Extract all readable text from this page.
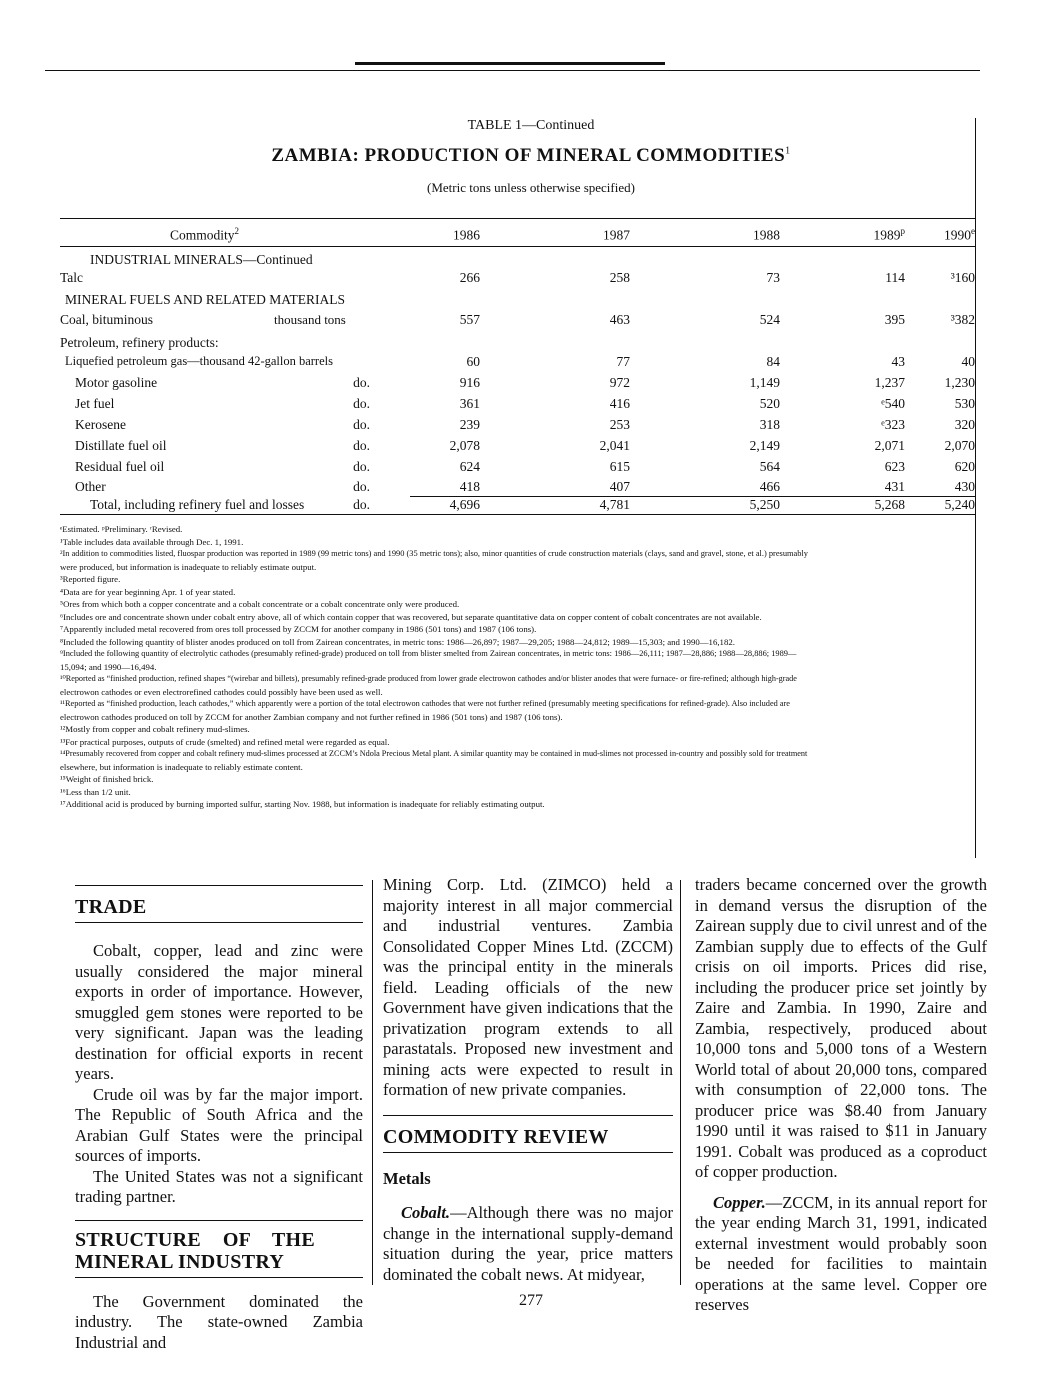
TABLE 1—Continued
ZAMBIA: PRODUCTION OF MINERAL COMMODITIES$^1$
(Metric tons unless otherwise specified)
Commodity$^2$	1986	1987	1988	1989$^p$	1990e
INDUSTRIAL MINERALS—Continued
Talc	266	258	73	114	³160
MINERAL FUELS AND RELATED MATERIALS
Coal, bituminous	thousand tons	557	463	524	395	³382
Petroleum, refinery products:
Liquefied petroleum gas—thousand 42-gallon barrels	60	77	84	43	40
Motor gasoline	do.	916	972	1,149	1,237	1,230
Jet fuel	do.	361	416	520	ᵉ540	530
Kerosene	do.	239	253	318	ᵉ323	320
Distillate fuel oil	do.	2,078	2,041	2,149	2,071	2,070
Residual fuel oil	do.	624	615	564	623	620
Other	do.	418	407	466	431	430
Total, including refinery fuel and losses	do.	4,696	4,781	5,250	5,268	5,240

ᵉEstimated. ᵖPreliminary. ʳRevised.

¹Table includes data available through Dec. 1, 1991.

²In addition to commodities listed, fluospar production was reported in 1989 (99 metric tons) and 1990 (35 metric tons); also, minor quantities of crude construction materials (clays, sand and gravel, stone, et al.) presumably

were produced, but information is inadequate to reliably estimate output.

³Reported figure.

⁴Data are for year beginning Apr. 1 of year stated.

⁵Ores from which both a copper concentrate and a cobalt concentrate or a cobalt concentrate only were produced.

⁶Includes ore and concentrate shown under cobalt entry above, all of which contain copper that was recovered, but separate quantitative data on copper content of cobalt concentrates are not available.

⁷Apparently included metal recovered from ores toll processed by ZCCM for another company in 1986 (501 tons) and 1987 (106 tons).

⁸Included the following quantity of blister anodes produced on toll from Zairean concentrates, in metric tons: 1986—26,897; 1987—29,205; 1988—24,812; 1989—15,303; and 1990—16,182.

⁹Included the following quantity of electrolytic cathodes (presumably refined-grade) produced on toll from blister smelted from Zairean concentrates, in metric tons: 1986—26,111; 1987—28,886; 1988—28,886; 1989—

15,094; and 1990—16,494.

¹⁰Reported as “finished production, refined shapes “(wirebar and billets), presumably refined-grade produced from lower grade electrowon cathodes and/or blister anodes that were furnace- or fire-refined; although high-grade

electrowon cathodes or even electrorefined cathodes could possibly have been used as well.

¹¹Reported as “finished production, leach cathodes,” which apparently were a portion of the total electrowon cathodes that were not further refined (presumably meeting specifications for refined-grade). Also included are

electrowon cathodes produced on toll by ZCCM for another Zambian company and not further refined in 1986 (501 tons) and 1987 (106 tons).

¹²Mostly from copper and cobalt refinery mud-slimes.

¹³For practical purposes, outputs of crude (smelted) and refined metal were regarded as equal.

¹⁴Presumably recovered from copper and cobalt refinery mud-slimes processed at ZCCM’s Ndola Precious Metal plant. A similar quantity may be contained in mud-slimes not processed in-country and possibly sold for treatment

elsewhere, but information is inadequate to reliably estimate content.

¹⁵Weight of finished brick.

¹⁶Less than 1/2 unit.

¹⁷Additional acid is produced by burning imported sulfur, starting Nov. 1988, but information is inadequate for reliably estimating output.

TRADE

Cobalt, copper, lead and zinc were usually considered the major mineral exports in order of importance. However, smuggled gem stones were reported to be very significant. Japan was the leading destination for official exports in recent years.

Crude oil was by far the major import. The Republic of South Africa and the Arabian Gulf States were the principal sources of imports.

The United States was not a significant trading partner.

STRUCTURE OF THE MINERAL INDUSTRY

The Government dominated the industry. The state-owned Zambia Industrial and

Mining Corp. Ltd. (ZIMCO) held a majority interest in all major commercial and industrial ventures. Zambia Consolidated Copper Mines Ltd. (ZCCM) was the principal entity in the minerals field. Leading officials of the new Government have given indications that the privatization program extends to all parastatals. Proposed new investment and mining acts were expected to result in formation of new private companies.

COMMODITY REVIEW
Metals

Cobalt.—Although there was no major change in the international supply-demand situation during the year, price matters dominated the cobalt news. At midyear,

traders became concerned over the growth in demand versus the disruption of the Zairean supply due to civil unrest and of the Zambian supply due to effects of the Gulf crisis on oil imports. Prices did rise, including the producer price set jointly by Zaire and Zambia. In 1990, Zaire and Zambia, respectively, produced about 10,000 tons and 5,000 tons of a Western World total of about 20,000 tons, compared with consumption of 22,000 tons. The producer price was $8.40 from January 1990 until it was raised to $11 in January 1991. Cobalt was produced as a coproduct of copper production.

Copper.—ZCCM, in its annual report for the year ending March 31, 1991, indicated external investment would probably soon be needed for facilities to maintain operations at the same level. Copper ore reserves

277
